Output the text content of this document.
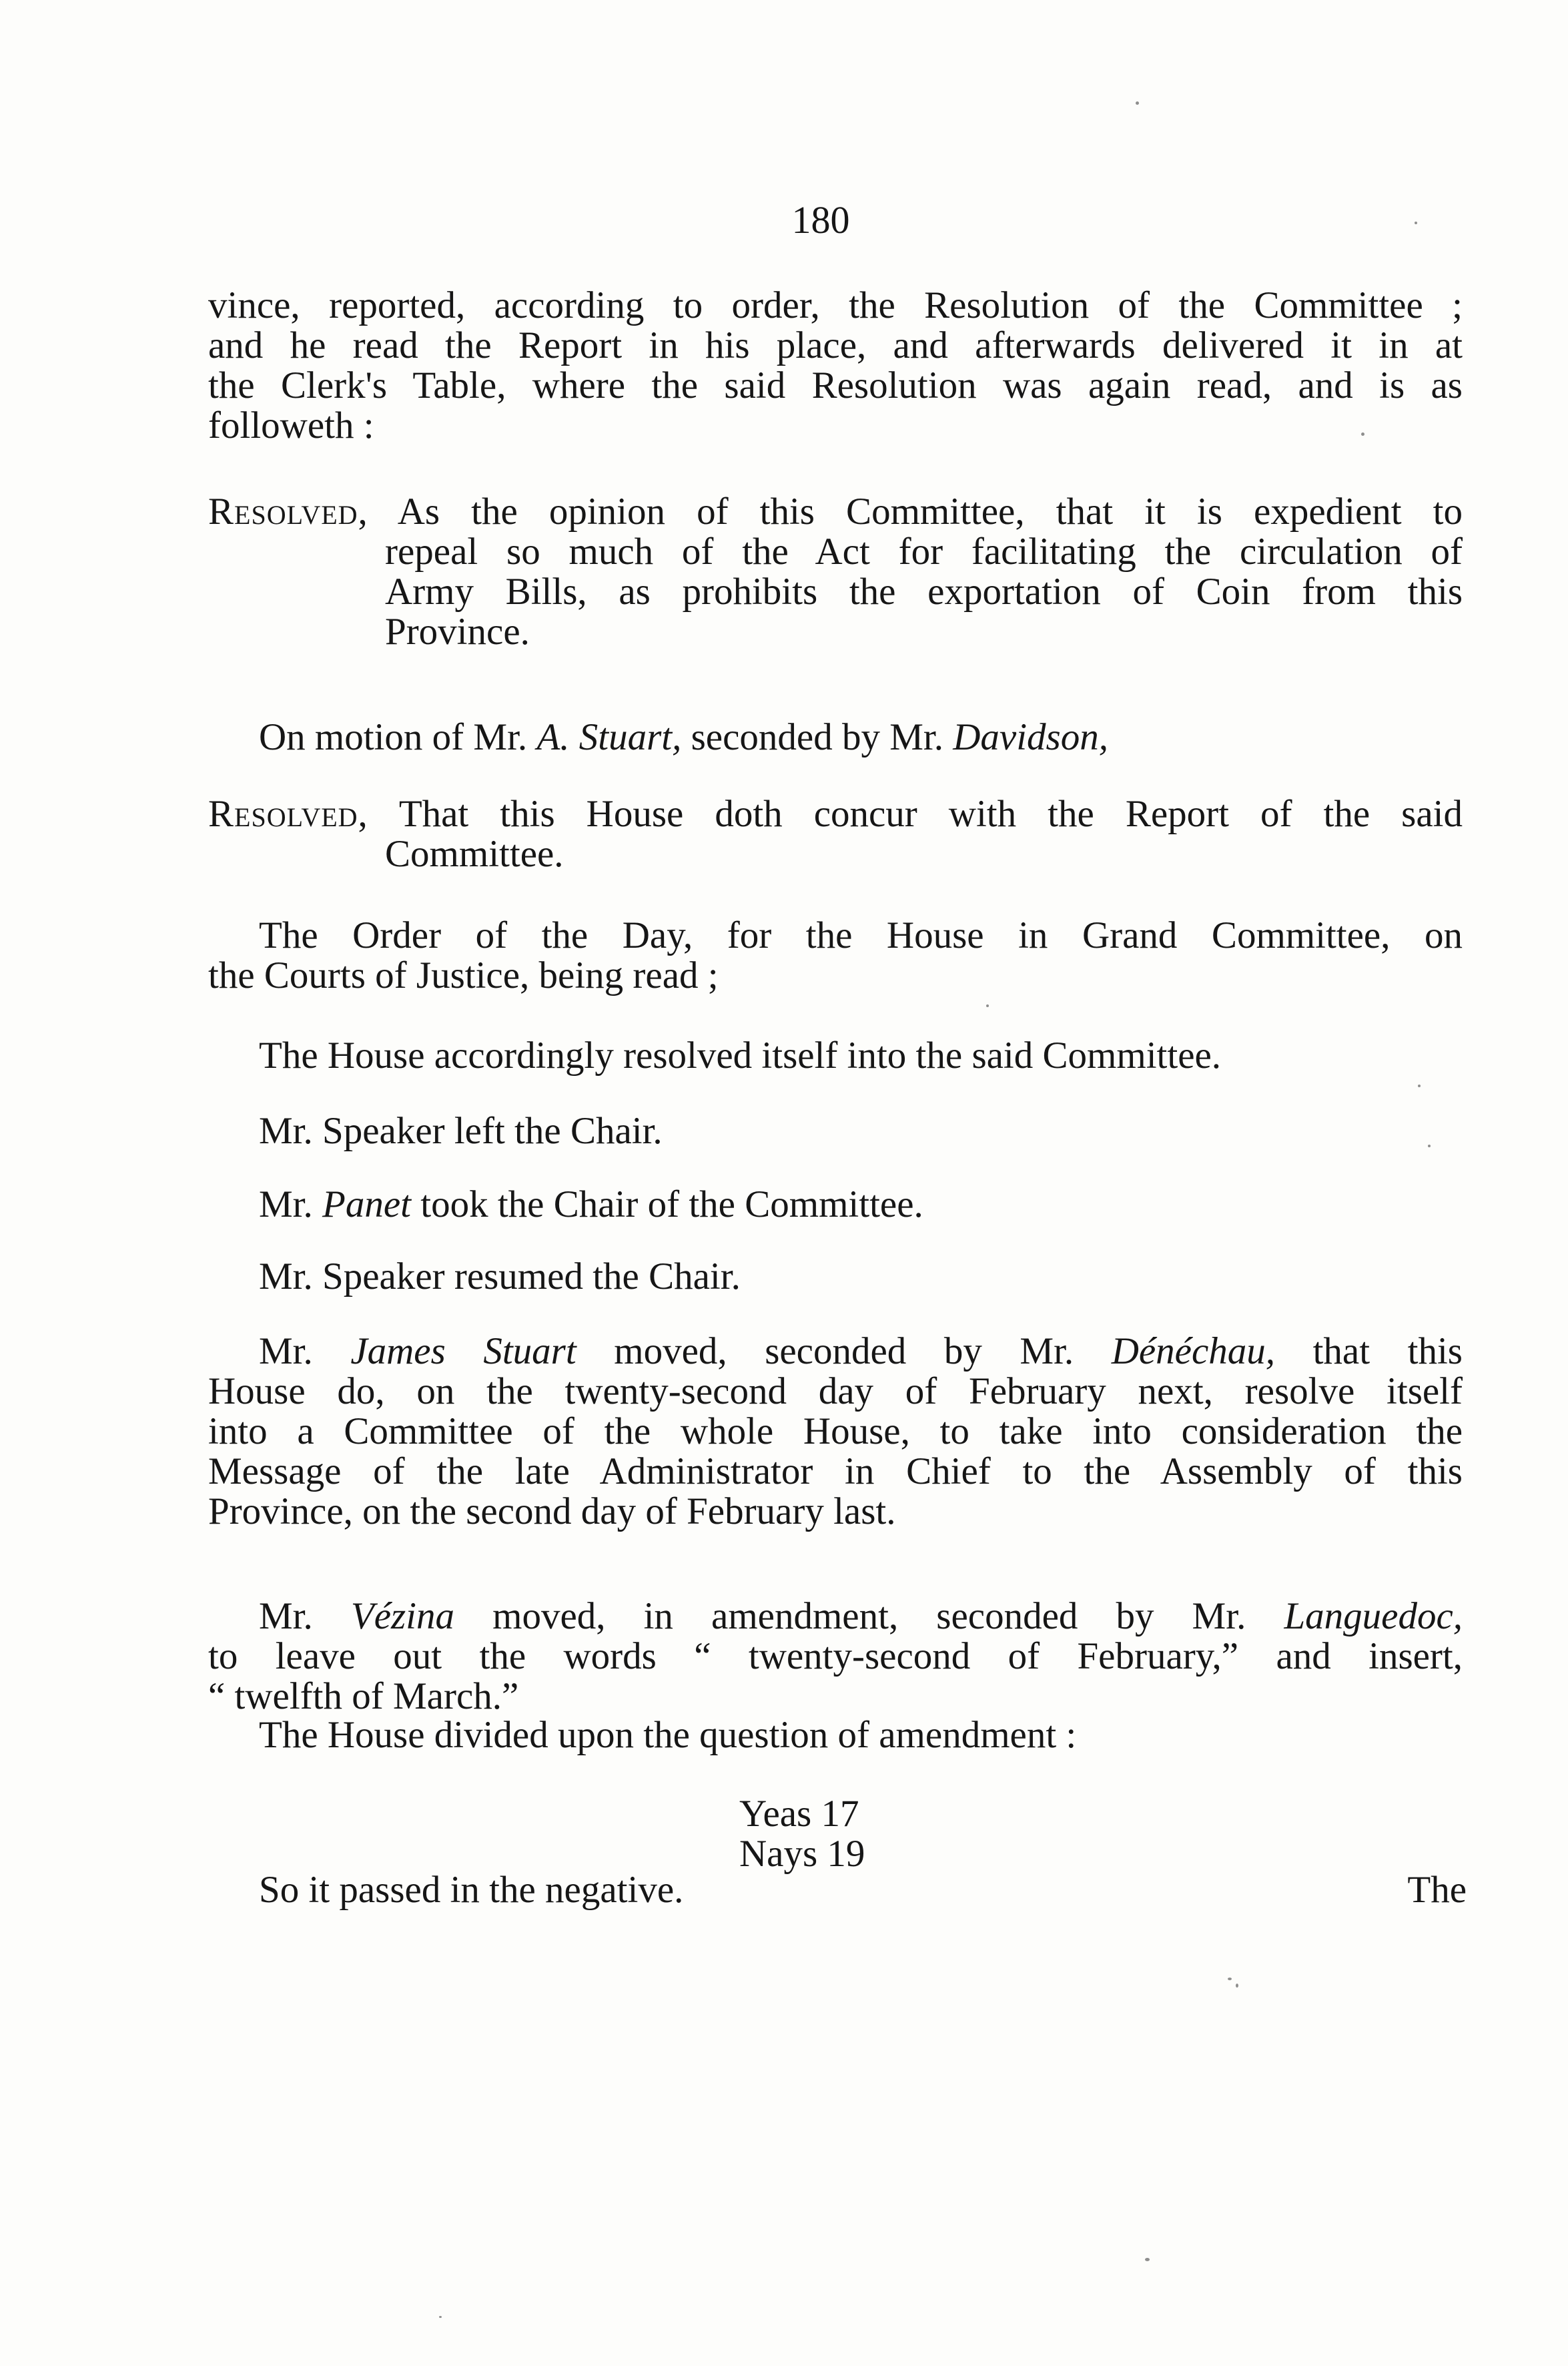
180
vince, reported, according to order, the Resolution of the Committee ;
and he read the Report in his place, and afterwards delivered it in at
the Clerk's Table, where the said Resolution was again read, and is as
followeth :
Resolved, As the opinion of this Committee, that it is expedient to
repeal so much of the Act for facilitating the circulation of
Army Bills, as prohibits the exportation of Coin from this
Province.
On motion of Mr. A. Stuart, seconded by Mr. Davidson,
Resolved, That this House doth concur with the Report of the said
Committee.
The Order of the Day, for the House in Grand Committee, on
the Courts of Justice, being read ;
The House accordingly resolved itself into the said Committee.
Mr. Speaker left the Chair.
Mr. Panet took the Chair of the Committee.
Mr. Speaker resumed the Chair.
Mr. James Stuart moved, seconded by Mr. Dénéchau, that this
House do, on the twenty-second day of February next, resolve itself
into a Committee of the whole House, to take into consideration the
Message of the late Administrator in Chief to the Assembly of this
Province, on the second day of February last.
Mr. Vézina moved, in amendment, seconded by Mr. Languedoc,
to leave out the words “ twenty-second of February,” and insert,
“ twelfth of March.”
The House divided upon the question of amendment :
Yeas 17
Nays 19
So it passed in the negative.	The
